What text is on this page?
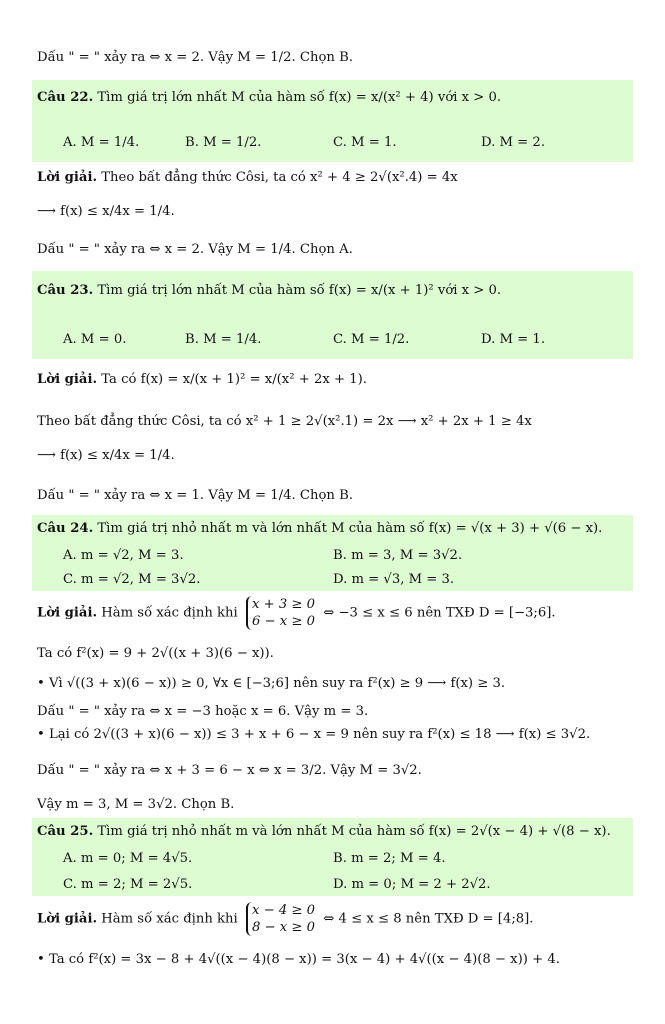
Dấu " = " xảy ra ⇔ x = 2. Vậy M = 1/2. Chọn B.
Câu 22. Tìm giá trị lớn nhất M của hàm số f(x) = x/(x² + 4) với x > 0.
A. M = 1/4.	B. M = 1/2.	C. M = 1.	D. M = 2.
Lời giải. Theo bất đẳng thức Côsi, ta có x² + 4 ≥ 2√(x².4) = 4x
⟶ f(x) ≤ x/4x = 1/4.
Dấu " = " xảy ra ⇔ x = 2. Vậy M = 1/4. Chọn A.
Câu 23. Tìm giá trị lớn nhất M của hàm số f(x) = x/(x + 1)² với x > 0.
A. M = 0.	B. M = 1/4.	C. M = 1/2.	D. M = 1.
Lời giải. Ta có f(x) = x/(x + 1)² = x/(x² + 2x + 1).
Theo bất đẳng thức Côsi, ta có x² + 1 ≥ 2√(x².1) = 2x ⟶ x² + 2x + 1 ≥ 4x
⟶ f(x) ≤ x/4x = 1/4.
Dấu " = " xảy ra ⇔ x = 1. Vậy M = 1/4. Chọn B.
Câu 24. Tìm giá trị nhỏ nhất m và lớn nhất M của hàm số f(x) = √(x + 3) + √(6 − x).
A. m = √2, M = 3.	B. m = 3, M = 3√2.
C. m = √2, M = 3√2.	D. m = √3, M = 3.
Lời giải. Hàm số xác định khi
x + 3 ≥ 0
6 − x ≥ 0
⇔ −3 ≤ x ≤ 6 nên TXĐ D = [−3;6].
Ta có f²(x) = 9 + 2√((x + 3)(6 − x)).
• Vì √((3 + x)(6 − x)) ≥ 0, ∀x ∈ [−3;6] nên suy ra f²(x) ≥ 9 ⟶ f(x) ≥ 3.
Dấu " = " xảy ra ⇔ x = −3 hoặc x = 6. Vậy m = 3.
• Lại có 2√((3 + x)(6 − x)) ≤ 3 + x + 6 − x = 9 nên suy ra f²(x) ≤ 18 ⟶ f(x) ≤ 3√2.
Dấu " = " xảy ra ⇔ x + 3 = 6 − x ⇔ x = 3/2. Vậy M = 3√2.
Vậy m = 3, M = 3√2. Chọn B.
Câu 25. Tìm giá trị nhỏ nhất m và lớn nhất M của hàm số f(x) = 2√(x − 4) + √(8 − x).
A. m = 0; M = 4√5.	B. m = 2; M = 4.
C. m = 2; M = 2√5.	D. m = 0; M = 2 + 2√2.
Lời giải. Hàm số xác định khi
x − 4 ≥ 0
8 − x ≥ 0
⇔ 4 ≤ x ≤ 8 nên TXĐ D = [4;8].
• Ta có f²(x) = 3x − 8 + 4√((x − 4)(8 − x)) = 3(x − 4) + 4√((x − 4)(8 − x)) + 4.
